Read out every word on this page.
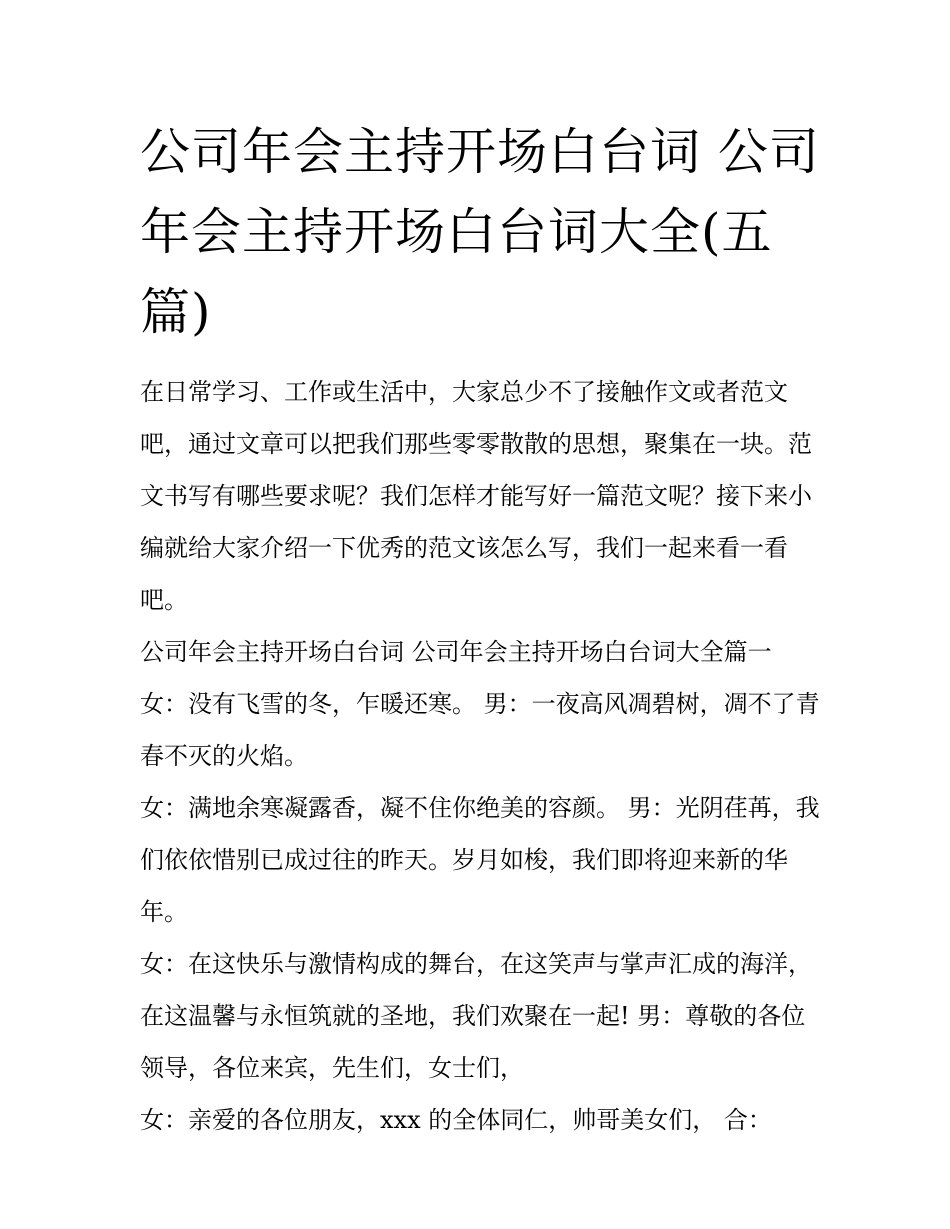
公司年会主持开场白台词 公司年会主持开场白台词大全(五篇)

在日常学习、工作或生活中，大家总少不了接触作文或者范文吧，通过文章可以把我们那些零零散散的思想，聚集在一块。范文书写有哪些要求呢？我们怎样才能写好一篇范文呢？接下来小编就给大家介绍一下优秀的范文该怎么写，我们一起来看一看吧。

公司年会主持开场白台词 公司年会主持开场白台词大全篇一

女：没有飞雪的冬，乍暖还寒。 男：一夜高风凋碧树，凋不了青春不灭的火焰。

女：满地余寒凝露香，凝不住你绝美的容颜。 男：光阴荏苒，我们依依惜别已成过往的昨天。岁月如梭，我们即将迎来新的华年。

女：在这快乐与激情构成的舞台，在这笑声与掌声汇成的海洋，在这温馨与永恒筑就的圣地，我们欢聚在一起! 男：尊敬的各位领导，各位来宾，先生们，女士们，

女：亲爱的各位朋友，xxx 的全体同仁，帅哥美女们， 合：
